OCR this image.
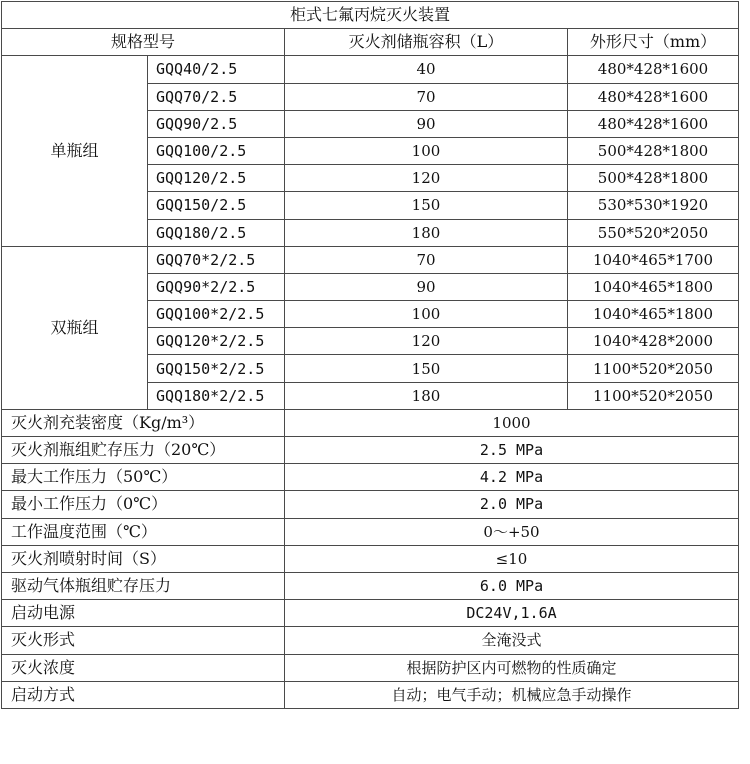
柜式七氟丙烷灭火装置			
规格型号		灭火剂储瓶容积（L）	外形尺寸（mm）
单瓶组	GQQ40/2.5	40	480*428*1600
	GQQ70/2.5	70	480*428*1600
	GQQ90/2.5	90	480*428*1600
	GQQ100/2.5	100	500*428*1800
	GQQ120/2.5	120	500*428*1800
	GQQ150/2.5	150	530*530*1920
	GQQ180/2.5	180	550*520*2050
双瓶组	GQQ70*2/2.5	70	1040*465*1700
	GQQ90*2/2.5	90	1040*465*1800
	GQQ100*2/2.5	100	1040*465*1800
	GQQ120*2/2.5	120	1040*428*2000
	GQQ150*2/2.5	150	1100*520*2050
	GQQ180*2/2.5	180	1100*520*2050
灭火剂充装密度（Kg/m³）		1000	
灭火剂瓶组贮存压力（20℃）		2.5 MPa	
最大工作压力（50℃）		4.2 MPa	
最小工作压力（0℃）		2.0 MPa	
工作温度范围（℃）		0～+50	
灭火剂喷射时间（S）		≤10	
驱动气体瓶组贮存压力		6.0 MPa	
启动电源		DC24V,1.6A	
灭火形式		全淹没式	
灭火浓度		根据防护区内可燃物的性质确定	
启动方式		自动；电气手动；机械应急手动操作	
